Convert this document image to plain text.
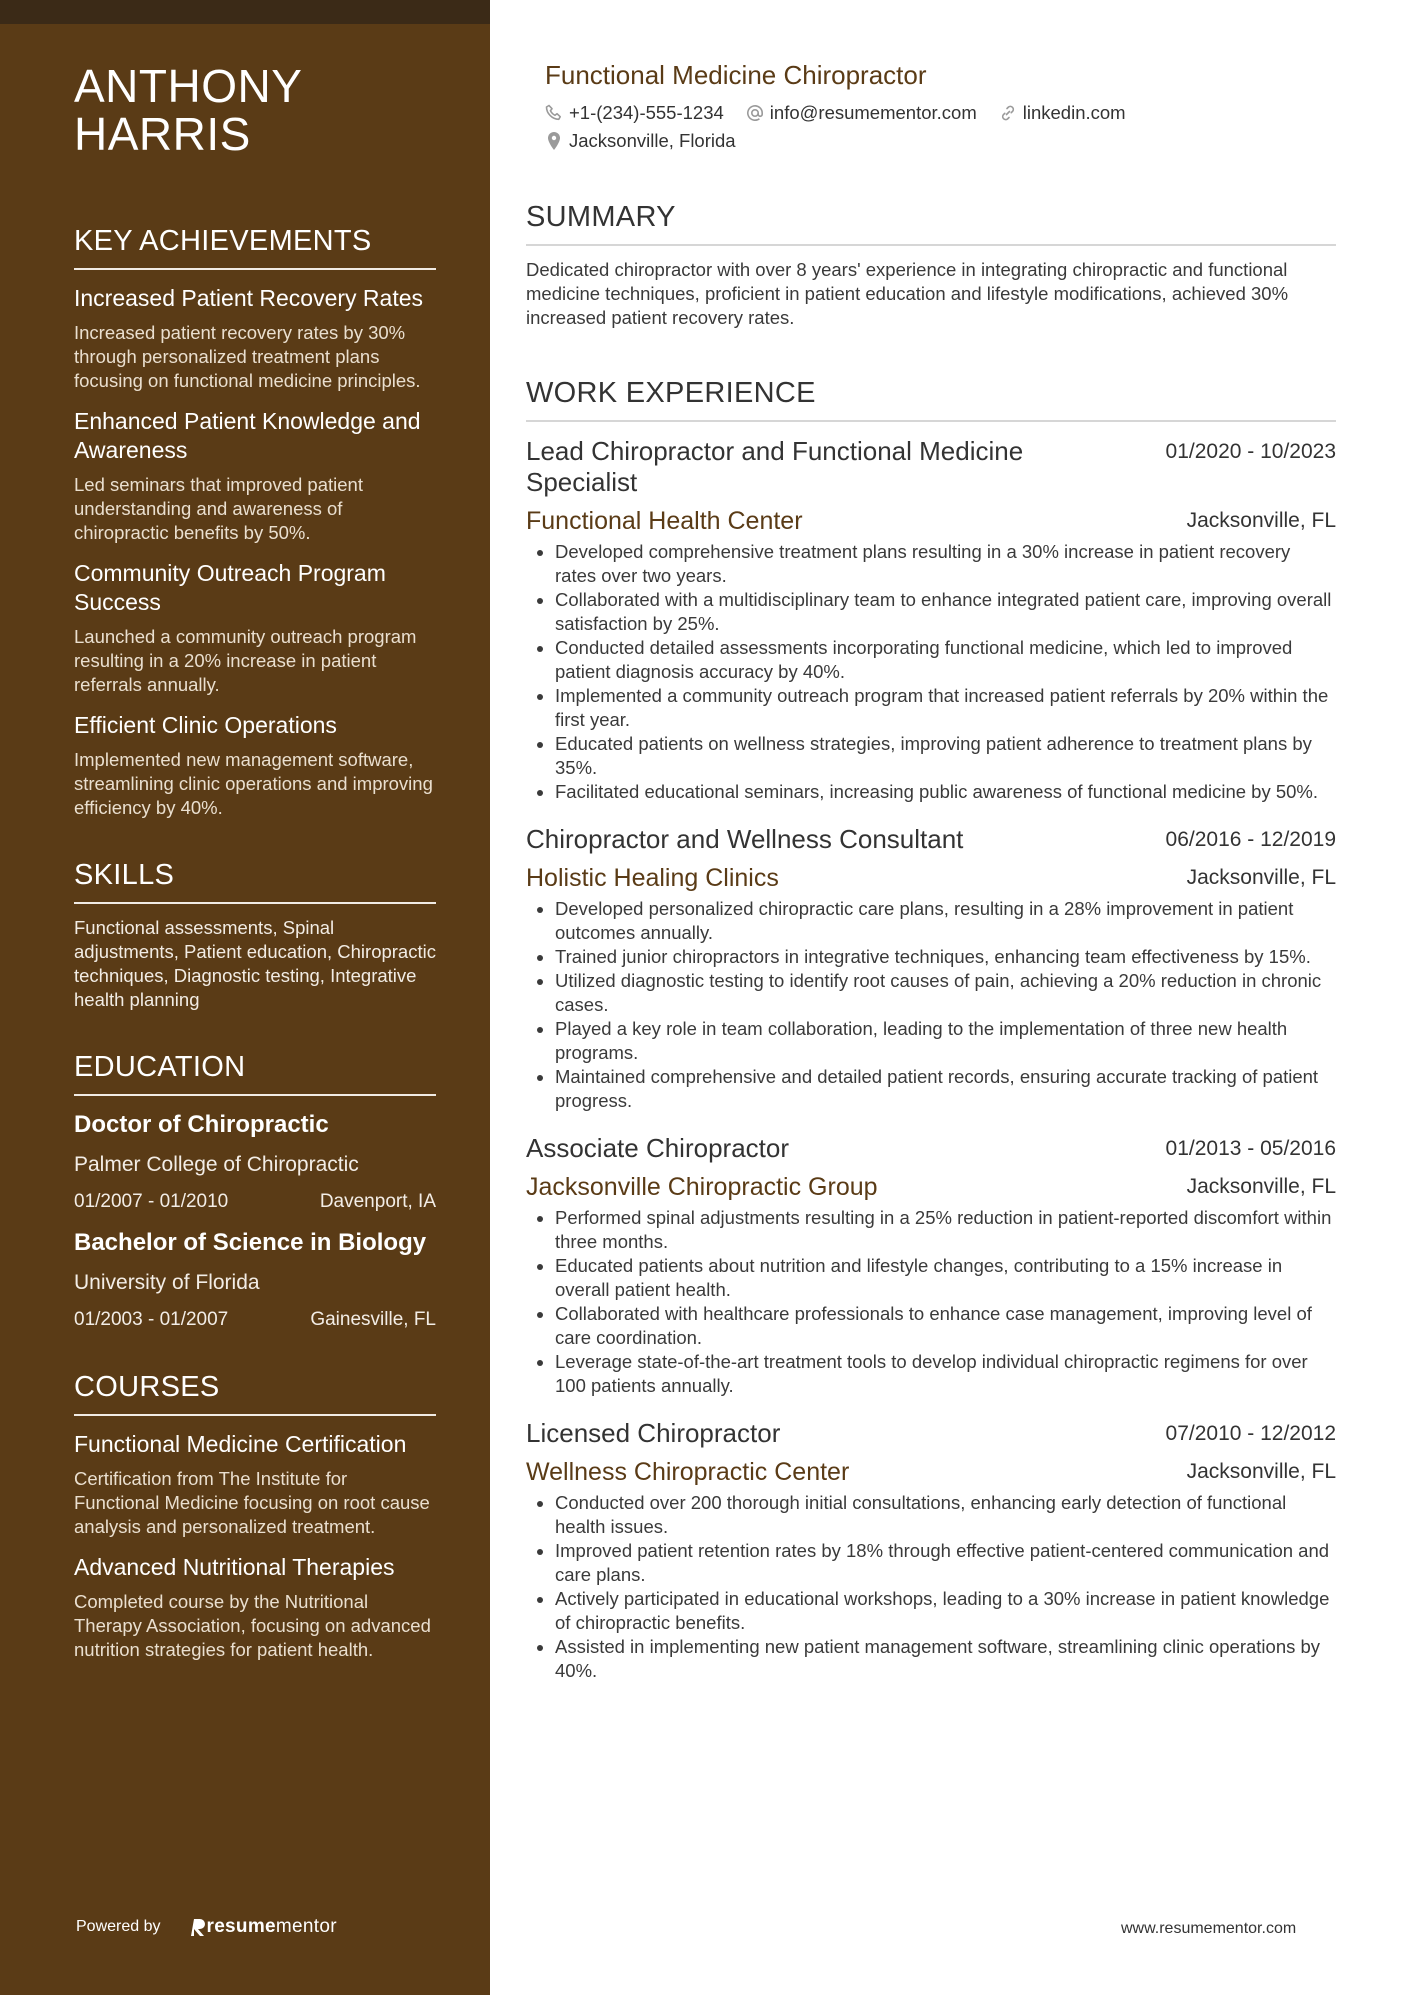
ANTHONY
HARRIS
KEY ACHIEVEMENTS
Increased Patient Recovery Rates
Increased patient recovery rates by 30% through personalized treatment plans focusing on functional medicine principles.
Enhanced Patient Knowledge and Awareness
Led seminars that improved patient understanding and awareness of chiropractic benefits by 50%.
Community Outreach Program Success
Launched a community outreach program resulting in a 20% increase in patient referrals annually.
Efficient Clinic Operations
Implemented new management software, streamlining clinic operations and improving efficiency by 40%.
SKILLS
Functional assessments, Spinal adjustments, Patient education, Chiropractic techniques, Diagnostic testing, Integrative health planning
EDUCATION
Doctor of Chiropractic
Palmer College of Chiropractic
01/2007 - 01/2010	Davenport, IA
Bachelor of Science in Biology
University of Florida
01/2003 - 01/2007	Gainesville, FL
COURSES
Functional Medicine Certification
Certification from The Institute for Functional Medicine focusing on root cause analysis and personalized treatment.
Advanced Nutritional Therapies
Completed course by the Nutritional Therapy Association, focusing on advanced nutrition strategies for patient health.
Powered by resume mentor
Functional Medicine Chiropractor
+1-(234)-555-1234 info@resumementor.com linkedin.com
Jacksonville, Florida
SUMMARY
Dedicated chiropractor with over 8 years' experience in integrating chiropractic and functional medicine techniques, proficient in patient education and lifestyle modifications, achieved 30% increased patient recovery rates.
WORK EXPERIENCE
Lead Chiropractor and Functional Medicine Specialist
01/2020 - 10/2023
Functional Health Center	Jacksonville, FL
• Developed comprehensive treatment plans resulting in a 30% increase in patient recovery rates over two years.
• Collaborated with a multidisciplinary team to enhance integrated patient care, improving overall satisfaction by 25%.
• Conducted detailed assessments incorporating functional medicine, which led to improved patient diagnosis accuracy by 40%.
• Implemented a community outreach program that increased patient referrals by 20% within the first year.
• Educated patients on wellness strategies, improving patient adherence to treatment plans by 35%.
• Facilitated educational seminars, increasing public awareness of functional medicine by 50%.
Chiropractor and Wellness Consultant	06/2016 - 12/2019
Holistic Healing Clinics	Jacksonville, FL
• Developed personalized chiropractic care plans, resulting in a 28% improvement in patient outcomes annually.
• Trained junior chiropractors in integrative techniques, enhancing team effectiveness by 15%.
• Utilized diagnostic testing to identify root causes of pain, achieving a 20% reduction in chronic cases.
• Played a key role in team collaboration, leading to the implementation of three new health programs.
• Maintained comprehensive and detailed patient records, ensuring accurate tracking of patient progress.
Associate Chiropractor	01/2013 - 05/2016
Jacksonville Chiropractic Group	Jacksonville, FL
• Performed spinal adjustments resulting in a 25% reduction in patient-reported discomfort within three months.
• Educated patients about nutrition and lifestyle changes, contributing to a 15% increase in overall patient health.
• Collaborated with healthcare professionals to enhance case management, improving level of care coordination.
• Leverage state-of-the-art treatment tools to develop individual chiropractic regimens for over 100 patients annually.
Licensed Chiropractor	07/2010 - 12/2012
Wellness Chiropractic Center	Jacksonville, FL
• Conducted over 200 thorough initial consultations, enhancing early detection of functional health issues.
• Improved patient retention rates by 18% through effective patient-centered communication and care plans.
• Actively participated in educational workshops, leading to a 30% increase in patient knowledge of chiropractic benefits.
• Assisted in implementing new patient management software, streamlining clinic operations by 40%.
www.resumementor.com
